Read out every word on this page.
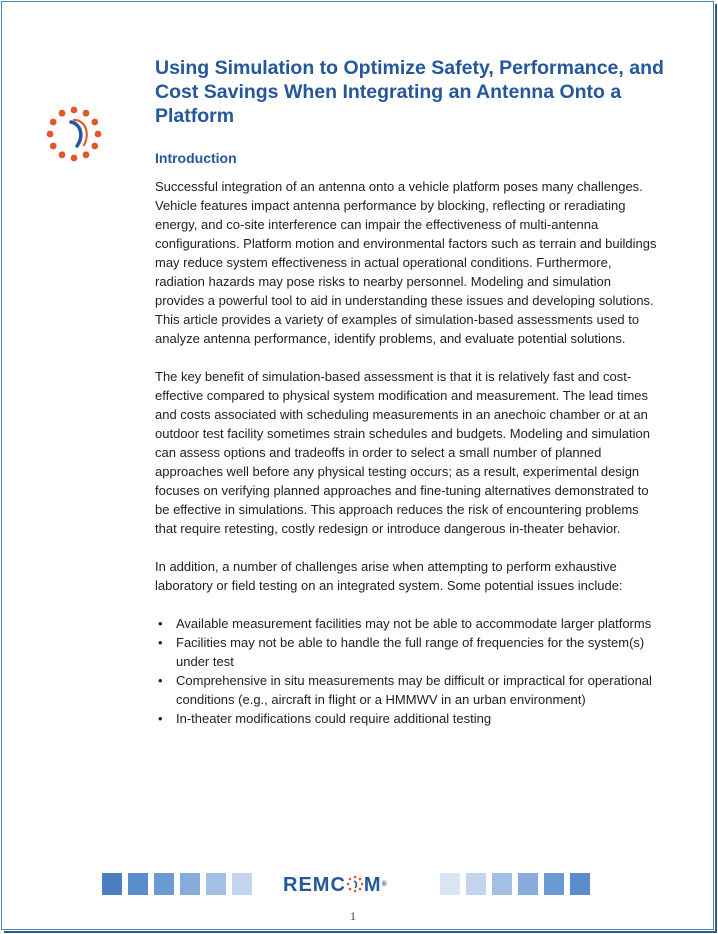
Using Simulation to Optimize Safety, Performance, and Cost Savings When Integrating an Antenna Onto a Platform
Introduction

Successful integration of an antenna onto a vehicle platform poses many challenges. Vehicle features impact antenna performance by blocking, reflecting or reradiating energy, and co-site interference can impair the effectiveness of multi-antenna configurations. Platform motion and environmental factors such as terrain and buildings may reduce system effectiveness in actual operational conditions. Furthermore, radiation hazards may pose risks to nearby personnel. Modeling and simulation provides a powerful tool to aid in understanding these issues and developing solutions. This article provides a variety of examples of simulation-based assessments used to analyze antenna performance, identify problems, and evaluate potential solutions.

The key benefit of simulation-based assessment is that it is relatively fast and cost-effective compared to physical system modification and measurement. The lead times and costs associated with scheduling measurements in an anechoic chamber or at an outdoor test facility sometimes strain schedules and budgets. Modeling and simulation can assess options and tradeoffs in order to select a small number of planned approaches well before any physical testing occurs; as a result, experimental design focuses on verifying planned approaches and fine-tuning alternatives demonstrated to be effective in simulations. This approach reduces the risk of encountering problems that require retesting, costly redesign or introduce dangerous in-theater behavior.

In addition, a number of challenges arise when attempting to perform exhaustive laboratory or field testing on an integrated system. Some potential issues include:

• Available measurement facilities may not be able to accommodate larger platforms
• Facilities may not be able to handle the full range of frequencies for the system(s) under test
• Comprehensive in situ measurements may be difficult or impractical for operational conditions (e.g., aircraft in flight or a HMMWV in an urban environment)
• In-theater modifications could require additional testing
REMC M®
1
